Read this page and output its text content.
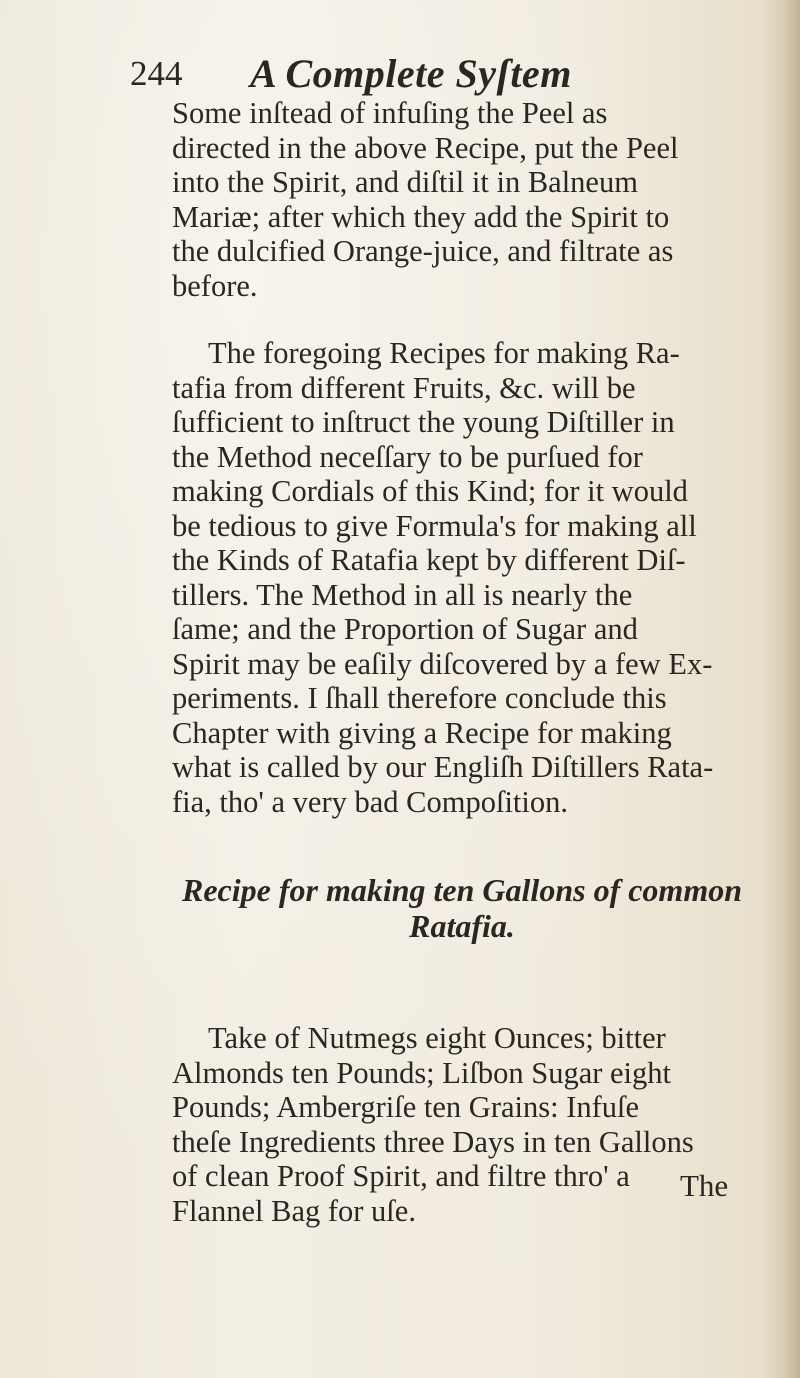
244 A Complete Syſtem
Some inſtead of infuſing the Peel as
directed in the above Recipe, put the Peel
into the Spirit, and diſtil it in Balneum
Mariæ; after which they add the Spirit to
the dulcified Orange-juice, and filtrate as
before.
The foregoing Recipes for making Ra-
tafia from different Fruits, &c. will be
ſufficient to inſtruct the young Diſtiller in
the Method neceſſary to be purſued for
making Cordials of this Kind; for it would
be tedious to give Formula's for making all
the Kinds of Ratafia kept by different Diſ-
tillers. The Method in all is nearly the
ſame; and the Proportion of Sugar and
Spirit may be eaſily diſcovered by a few Ex-
periments. I ſhall therefore conclude this
Chapter with giving a Recipe for making
what is called by our Engliſh Diſtillers Rata-
fia, tho' a very bad Compoſition.
Recipe for making ten Gallons of common
Ratafia.
Take of Nutmegs eight Ounces; bitter
Almonds ten Pounds; Liſbon Sugar eight
Pounds; Ambergriſe ten Grains: Infuſe
theſe Ingredients three Days in ten Gallons
of clean Proof Spirit, and filtre thro' a
Flannel Bag for uſe.
The
